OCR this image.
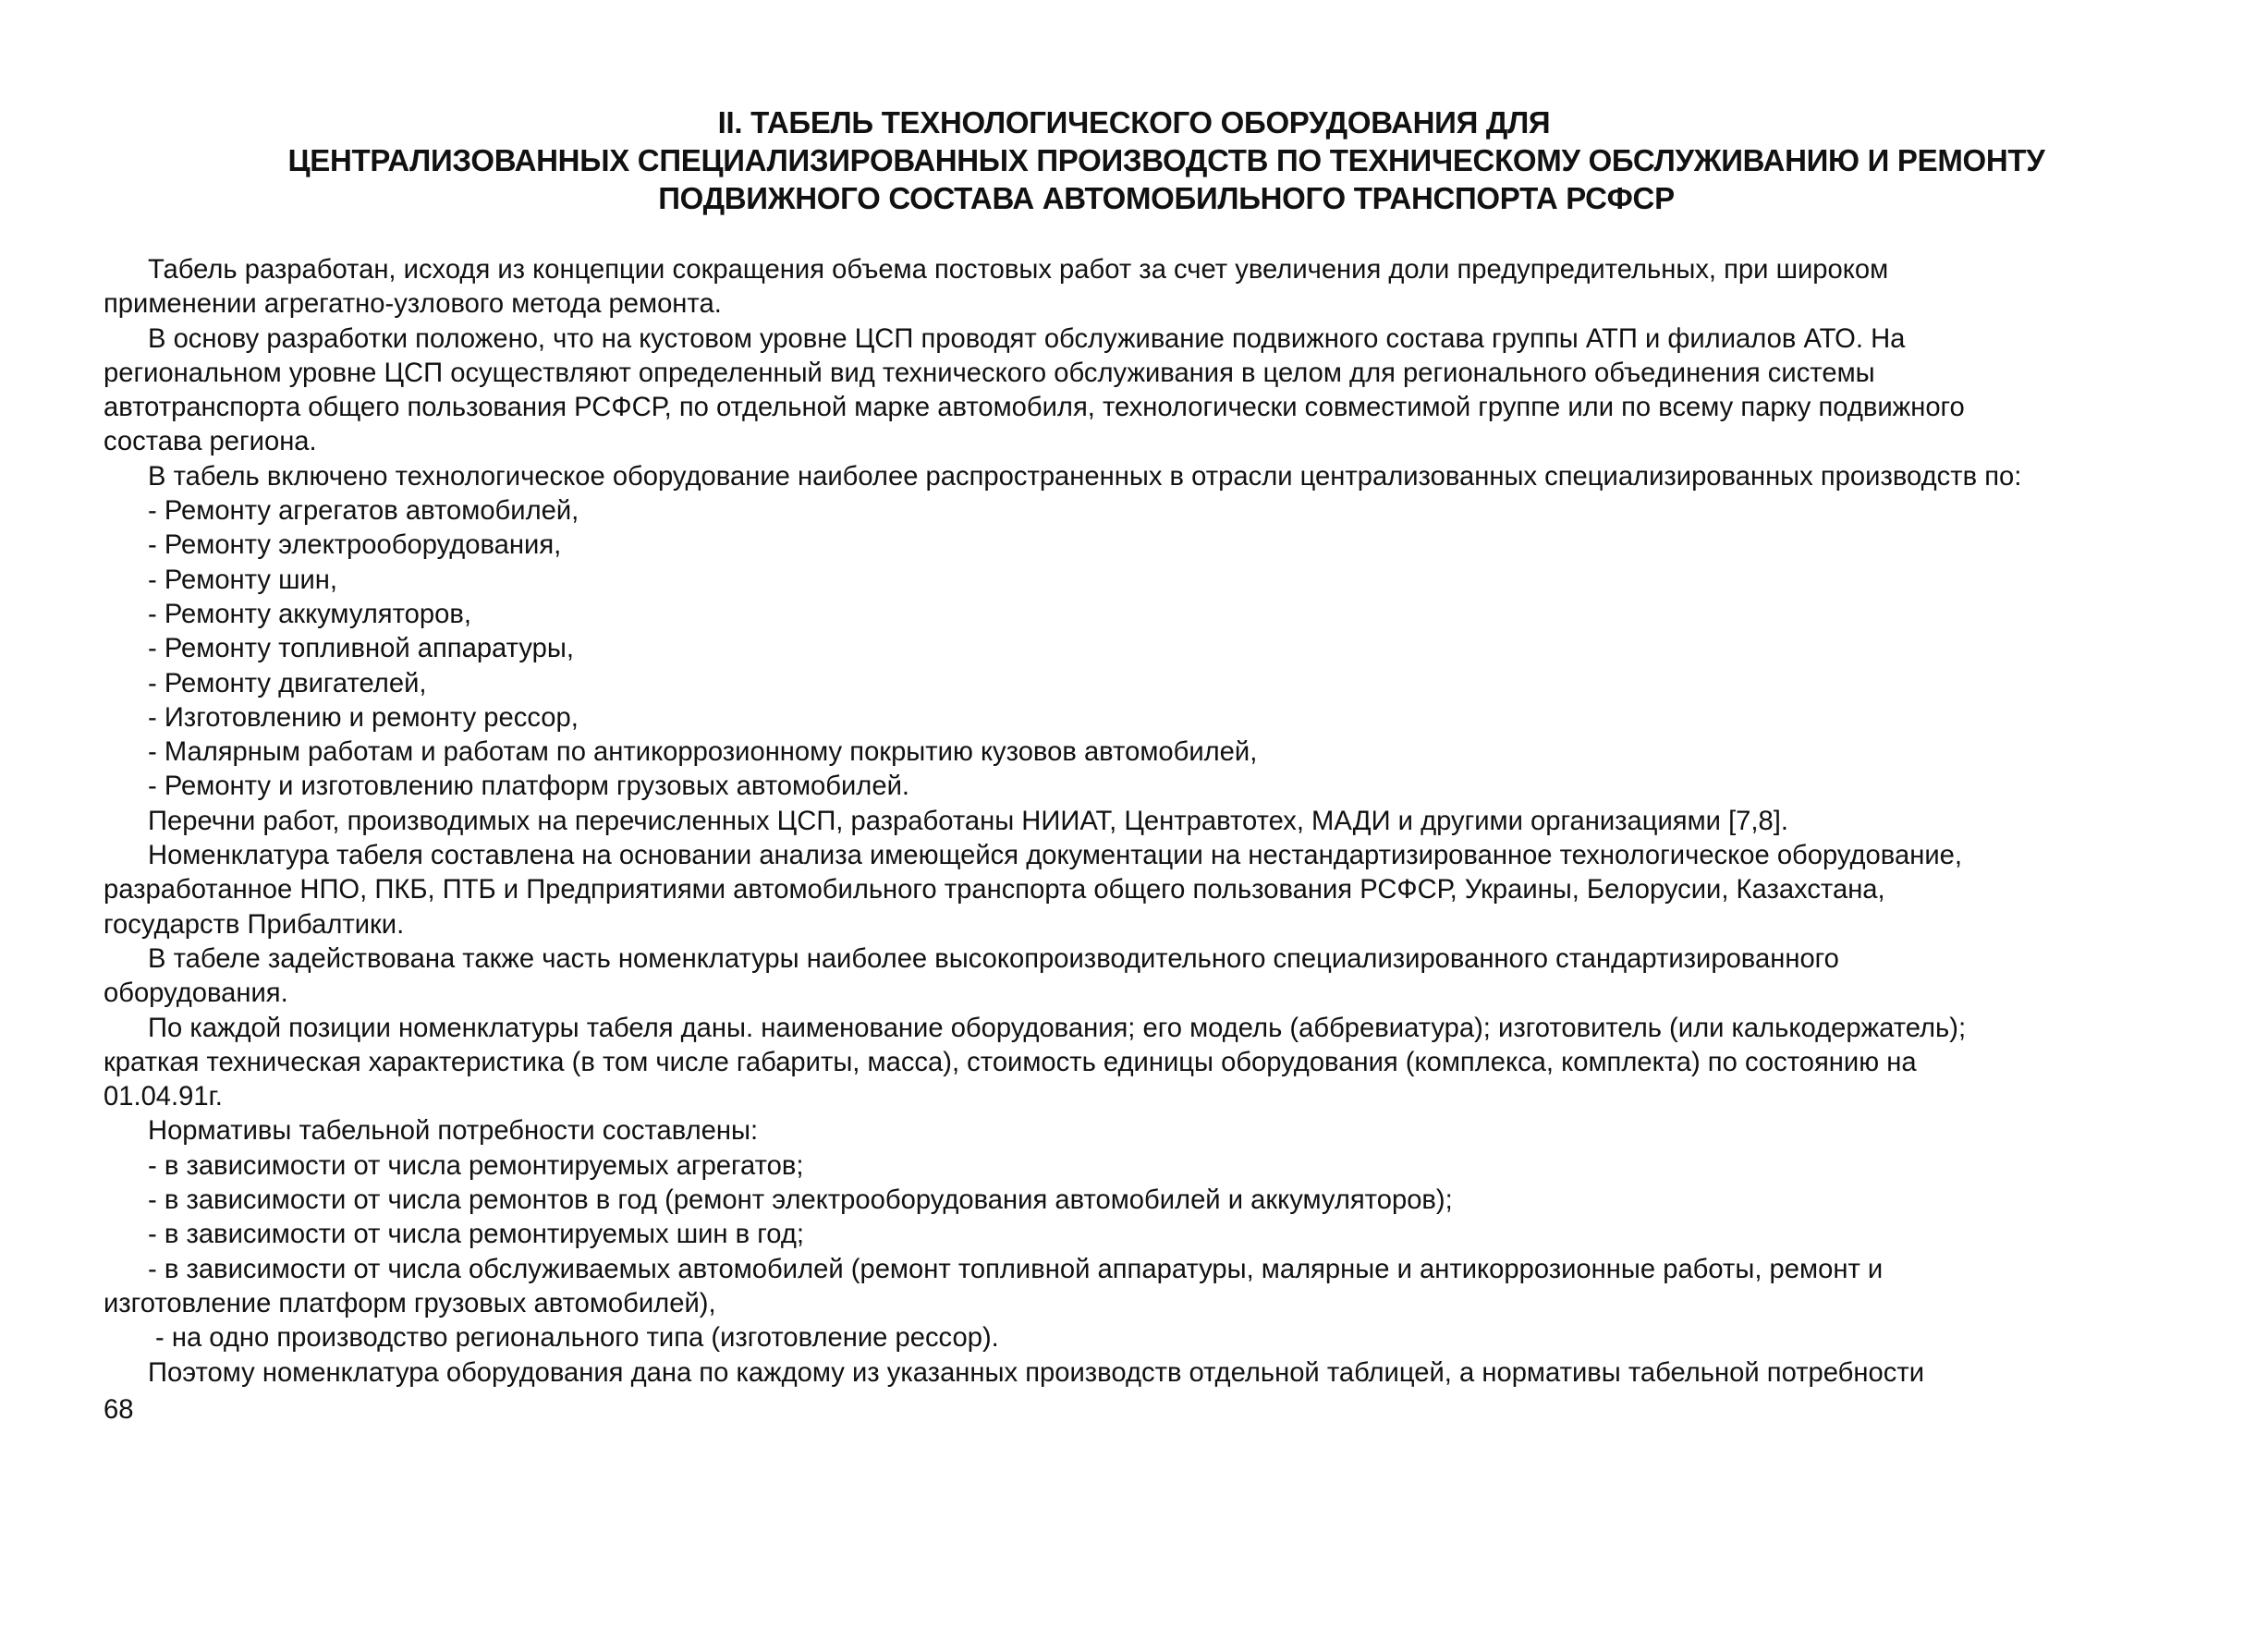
II. ТАБЕЛЬ ТЕХНОЛОГИЧЕСКОГО ОБОРУДОВАНИЯ ДЛЯ
ЦЕНТРАЛИЗОВАННЫХ СПЕЦИАЛИЗИРОВАННЫХ ПРОИЗВОДСТВ ПО ТЕХНИЧЕСКОМУ ОБСЛУЖИВАНИЮ И РЕМОНТУ
ПОДВИЖНОГО СОСТАВА АВТОМОБИЛЬНОГО ТРАНСПОРТА РСФСР
Табель разработан, исходя из концепции сокращения объема постовых работ за счет увеличения доли предупредительных, при широком
применении агрегатно-узлового метода ремонта.
В основу разработки положено, что на кустовом уровне ЦСП проводят обслуживание подвижного состава группы АТП и филиалов АТО. На
региональном уровне ЦСП осуществляют определенный вид технического обслуживания в целом для регионального объединения системы
автотранспорта общего пользования РСФСР, по отдельной марке автомобиля, технологически совместимой группе или по всему парку подвижного
состава региона.
В табель включено технологическое оборудование наиболее распространенных в отрасли централизованных специализированных производств по:
- Ремонту агрегатов автомобилей,
- Ремонту электрооборудования,
- Ремонту шин,
- Ремонту аккумуляторов,
- Ремонту топливной аппаратуры,
- Ремонту двигателей,
- Изготовлению и ремонту рессор,
- Малярным работам и работам по антикоррозионному покрытию кузовов автомобилей,
- Ремонту и изготовлению платформ грузовых автомобилей.
Перечни работ, производимых на перечисленных ЦСП, разработаны НИИАТ, Центравтотех, МАДИ и другими организациями [7,8].
Номенклатура табеля составлена на основании анализа имеющейся документации на нестандартизированное технологическое оборудование,
разработанное НПО, ПКБ, ПТБ и Предприятиями автомобильного транспорта общего пользования РСФСР, Украины, Белорусии, Казахстана,
государств Прибалтики.
В табеле задействована также часть номенклатуры наиболее высокопроизводительного специализированного стандартизированного
оборудования.
По каждой позиции номенклатуры табеля даны. наименование оборудования; его модель (аббревиатура); изготовитель (или калькодержатель);
краткая техническая характеристика (в том числе габариты, масса), стоимость единицы оборудования (комплекса, комплекта) по состоянию на
01.04.91г.
Нормативы табельной потребности составлены:
- в зависимости от числа ремонтируемых агрегатов;
- в зависимости от числа ремонтов в год (ремонт электрооборудования автомобилей и аккумуляторов);
- в зависимости от числа ремонтируемых шин в год;
- в зависимости от числа обслуживаемых автомобилей (ремонт топливной аппаратуры, малярные и антикоррозионные работы, ремонт и
изготовление платформ грузовых автомобилей),
- на одно производство регионального типа (изготовление рессор).
Поэтому номенклатура оборудования дана по каждому из указанных производств отдельной таблицей, а нормативы табельной потребности
68
